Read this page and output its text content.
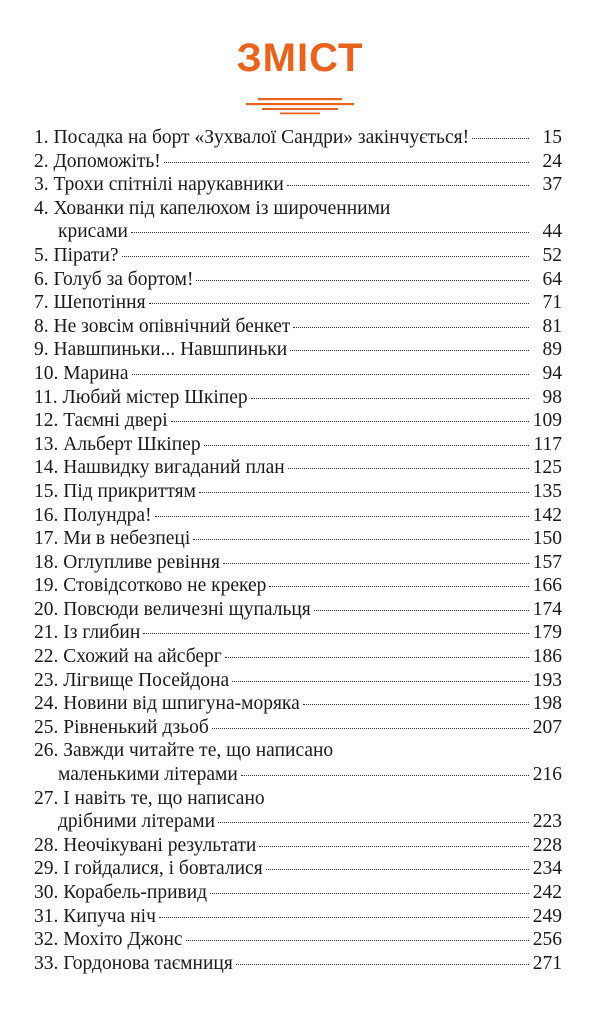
ЗМІСТ
1. Посадка на борт «Зухвалої Сандри» закінчується!	15
2. Допоможіть!	24
3. Трохи спітнілі нарукавники	37
4. Хованки під капелюхом із широченними
крисами	44
5. Пірати?	52
6. Голуб за бортом!	64
7. Шепотіння	71
8. Не зовсім опівнічний бенкет	81
9. Навшпиньки... Навшпиньки	89
10. Марина	94
11. Любий містер Шкіпер	98
12. Таємні двері	109
13. Альберт Шкіпер	117
14. Нашвидку вигаданий план	125
15. Під прикриттям	135
16. Полундра!	142
17. Ми в небезпеці	150
18. Оглупливе ревіння	157
19. Стовідсотково не крекер	166
20. Повсюди величезні щупальця	174
21. Із глибин	179
22. Схожий на айсберг	186
23. Лігвище Посейдона	193
24. Новини від шпигуна-моряка	198
25. Рівненький дзьоб	207
26. Завжди читайте те, що написано
маленькими літерами	216
27. І навіть те, що написано
дрібними літерами	223
28. Неочікувані результати	228
29. І гойдалися, і бовталися	234
30. Корабель-привид	242
31. Кипуча ніч	249
32. Мохіто Джонс	256
33. Гордонова таємниця	271
